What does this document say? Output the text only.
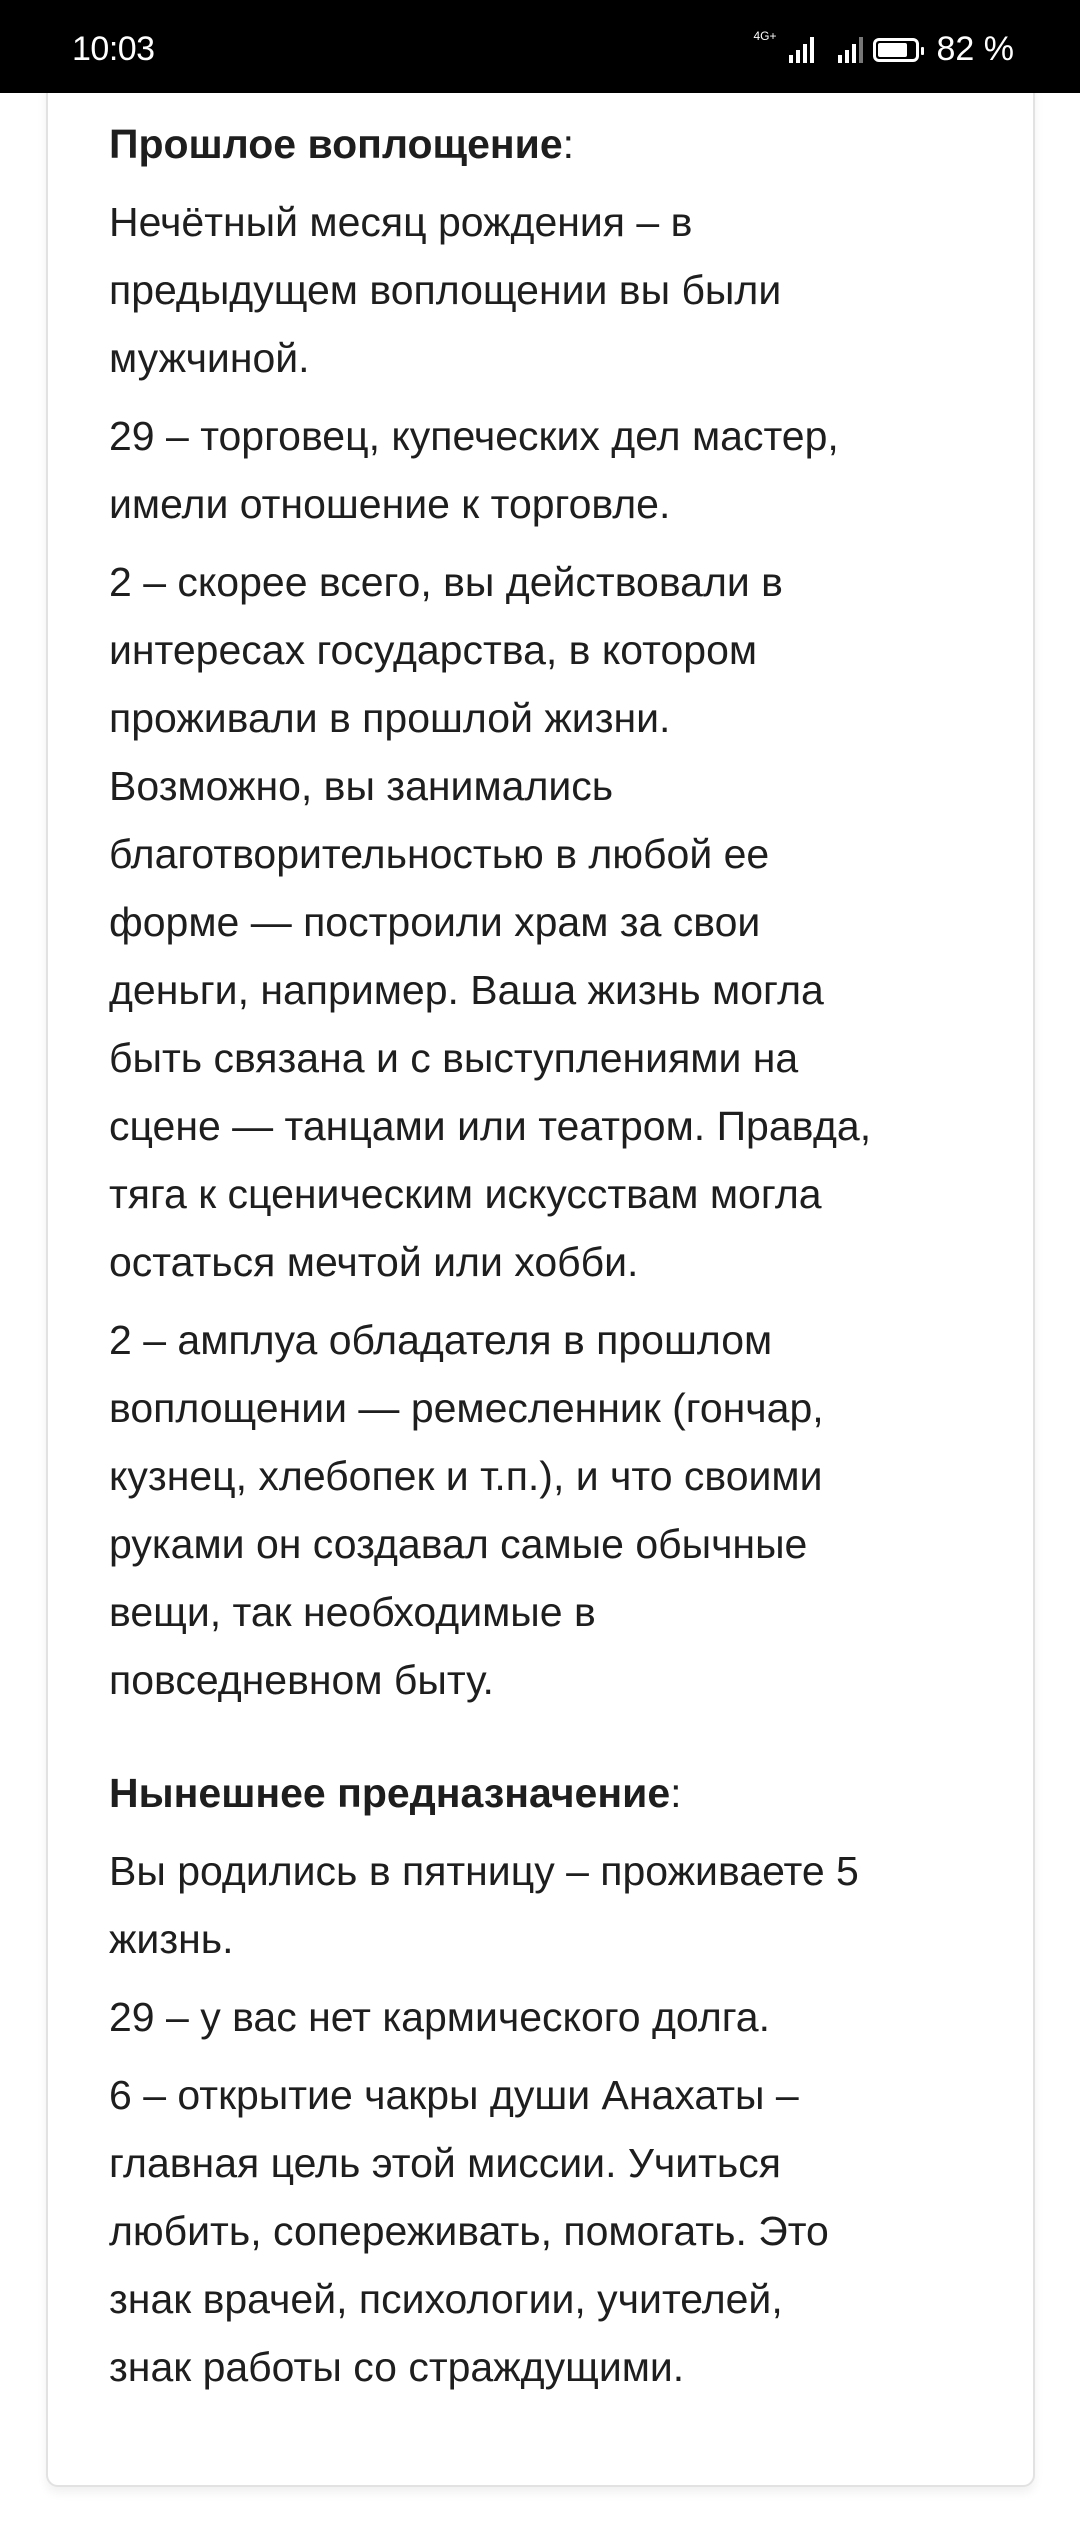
10:03	4G+	82 %
Прошлое воплощение:
Нечётный месяц рождения – в
предыдущем воплощении вы были
мужчиной.
29 – торговец, купеческих дел мастер,
имели отношение к торговле.
2 – скорее всего, вы действовали в
интересах государства, в котором
проживали в прошлой жизни.
Возможно, вы занимались
благотворительностью в любой ее
форме — построили храм за свои
деньги, например. Ваша жизнь могла
быть связана и с выступлениями на
сцене — танцами или театром. Правда,
тяга к сценическим искусствам могла
остаться мечтой или хобби.
2 – амплуа обладателя в прошлом
воплощении — ремесленник (гончар,
кузнец, хлебопек и т.п.), и что своими
руками он создавал самые обычные
вещи, так необходимые в
повседневном быту.
Нынешнее предназначение:
Вы родились в пятницу – проживаете 5
жизнь.
29 – у вас нет кармического долга.
6 – открытие чакры души Анахаты –
главная цель этой миссии. Учиться
любить, сопереживать, помогать. Это
знак врачей, психологии, учителей,
знак работы со страждущими.
